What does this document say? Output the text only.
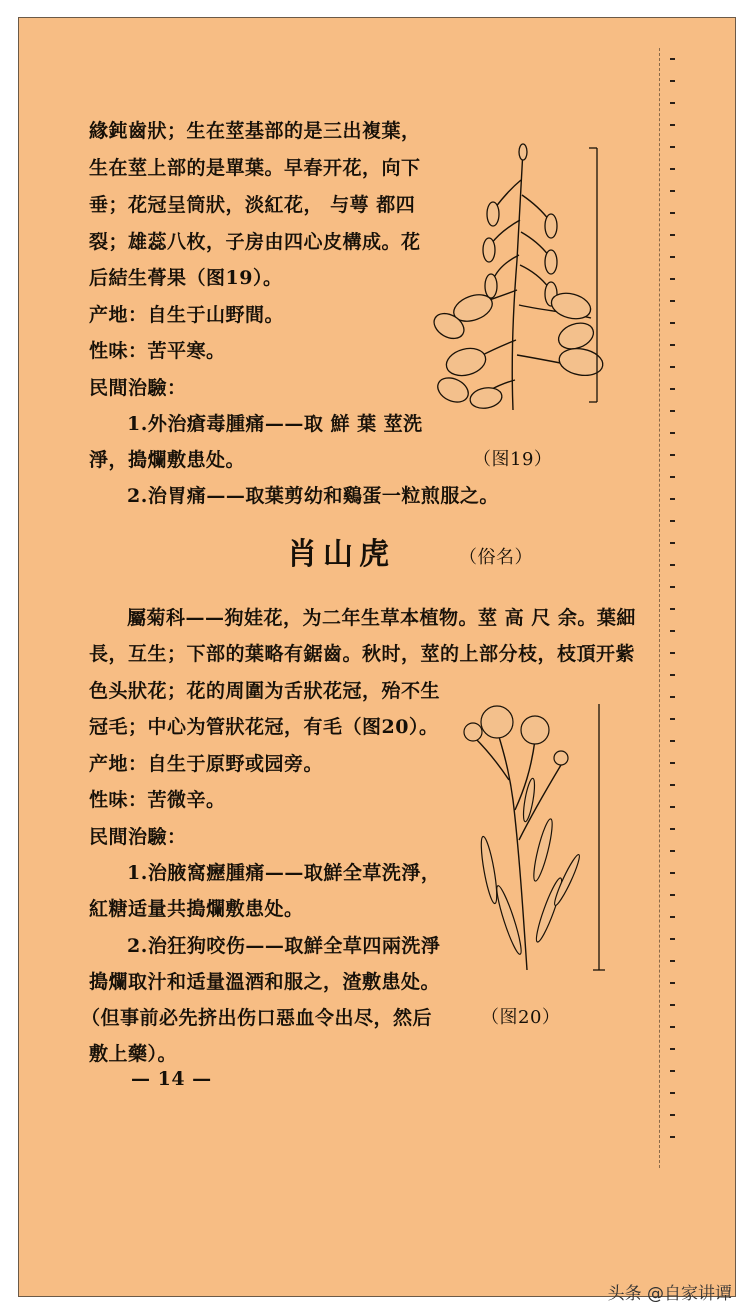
緣鈍齒狀；生在莖基部的是三出複葉，
生在莖上部的是單葉。早春开花，向下
垂；花冠呈筒狀，淡紅花， 与萼 都四
裂；雄蕊八枚，子房由四心皮構成。花
后結生蓇果（图19）。
产地：自生于山野間。
性味：苦平寒。
民間治驗：
1.外治瘡毒腫痛——取 鮮 葉 莖洗
淨，搗爛敷患处。	（图19）
2.治胃痛——取葉剪幼和鷄蛋一粒煎服之。
肖山虎	（俗名）
屬菊科——狗娃花，为二年生草本植物。莖 高 尺 余。葉細
長，互生；下部的葉略有鋸齒。秋时，莖的上部分枝，枝頂开紫
色头狀花；花的周圍为舌狀花冠，殆不生
冠毛；中心为管狀花冠，有毛（图20）。
产地：自生于原野或园旁。
性味：苦微辛。
民間治驗：
1.治腋窩癧腫痛——取鮮全草洗淨，
紅糖适量共搗爛敷患处。
2.治狂狗咬伤——取鮮全草四兩洗淨
搗爛取汁和适量溫酒和服之，渣敷患处。
（但事前必先挤出伤口惡血令出尽，然后	（图20）
敷上藥）。
— 14 —
头条 @自家讲谭
